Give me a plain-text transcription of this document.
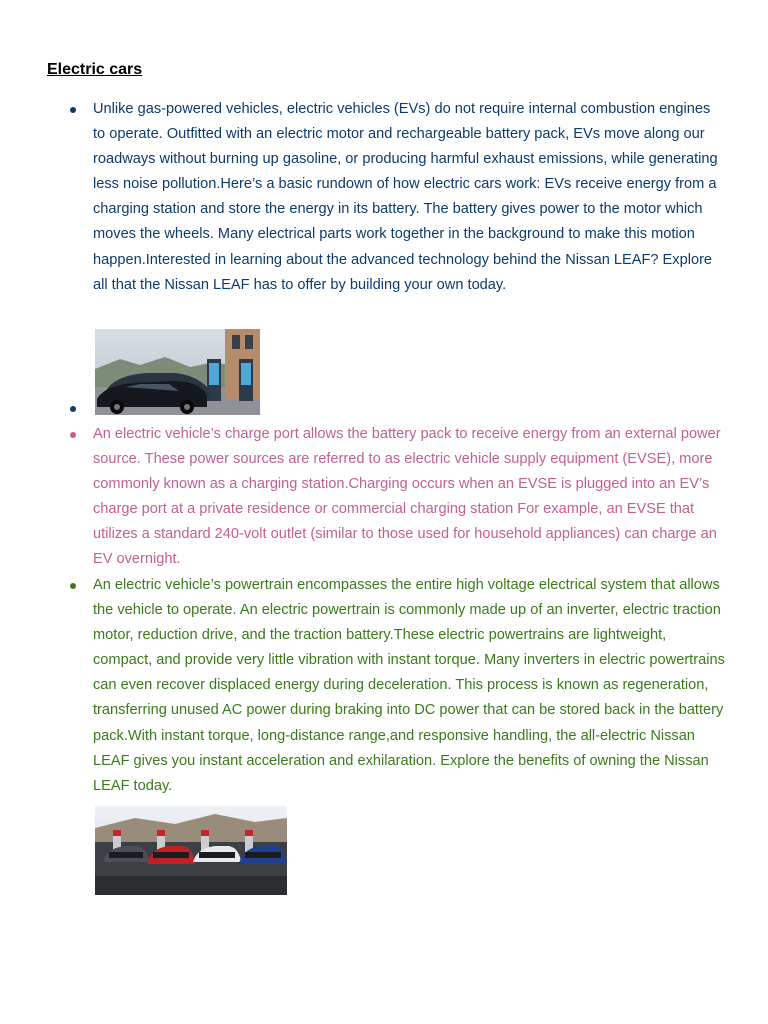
Electric cars

Unlike gas-powered vehicles, electric vehicles (EVs) do not require internal combustion engines to operate. Outfitted with an electric motor and rechargeable battery pack, EVs move along our roadways without burning up gasoline, or producing harmful exhaust emissions, while generating less noise pollution.Here’s a basic rundown of how electric cars work: EVs receive energy from a charging station and store the energy in its battery. The battery gives power to the motor which moves the wheels. Many electrical parts work together in the background to make this motion happen.Interested in learning about the advanced technology behind the Nissan LEAF? Explore all that the Nissan LEAF has to offer by building your own today.

An electric vehicle’s charge port allows the battery pack to receive energy from an external power source. These power sources are referred to as electric vehicle supply equipment (EVSE), more commonly known as a charging station.Charging occurs when an EVSE is plugged into an EV’s charge port at a private residence or commercial charging station For example, an EVSE that utilizes a standard 240-volt outlet (similar to those used for household appliances) can charge an EV overnight.

An electric vehicle’s powertrain encompasses the entire high voltage electrical system that allows the vehicle to operate. An electric powertrain is commonly made up of an inverter, electric traction motor, reduction drive, and the traction battery.These electric powertrains are lightweight, compact, and provide very little vibration with instant torque. Many inverters in electric powertrains can even recover displaced energy during deceleration. This process is known as regeneration, transferring unused AC power during braking into DC power that can be stored back in the battery pack.With instant torque, long-distance range,and responsive handling, the all-electric Nissan LEAF gives you instant acceleration and exhilaration. Explore the benefits of owning the Nissan LEAF today.
